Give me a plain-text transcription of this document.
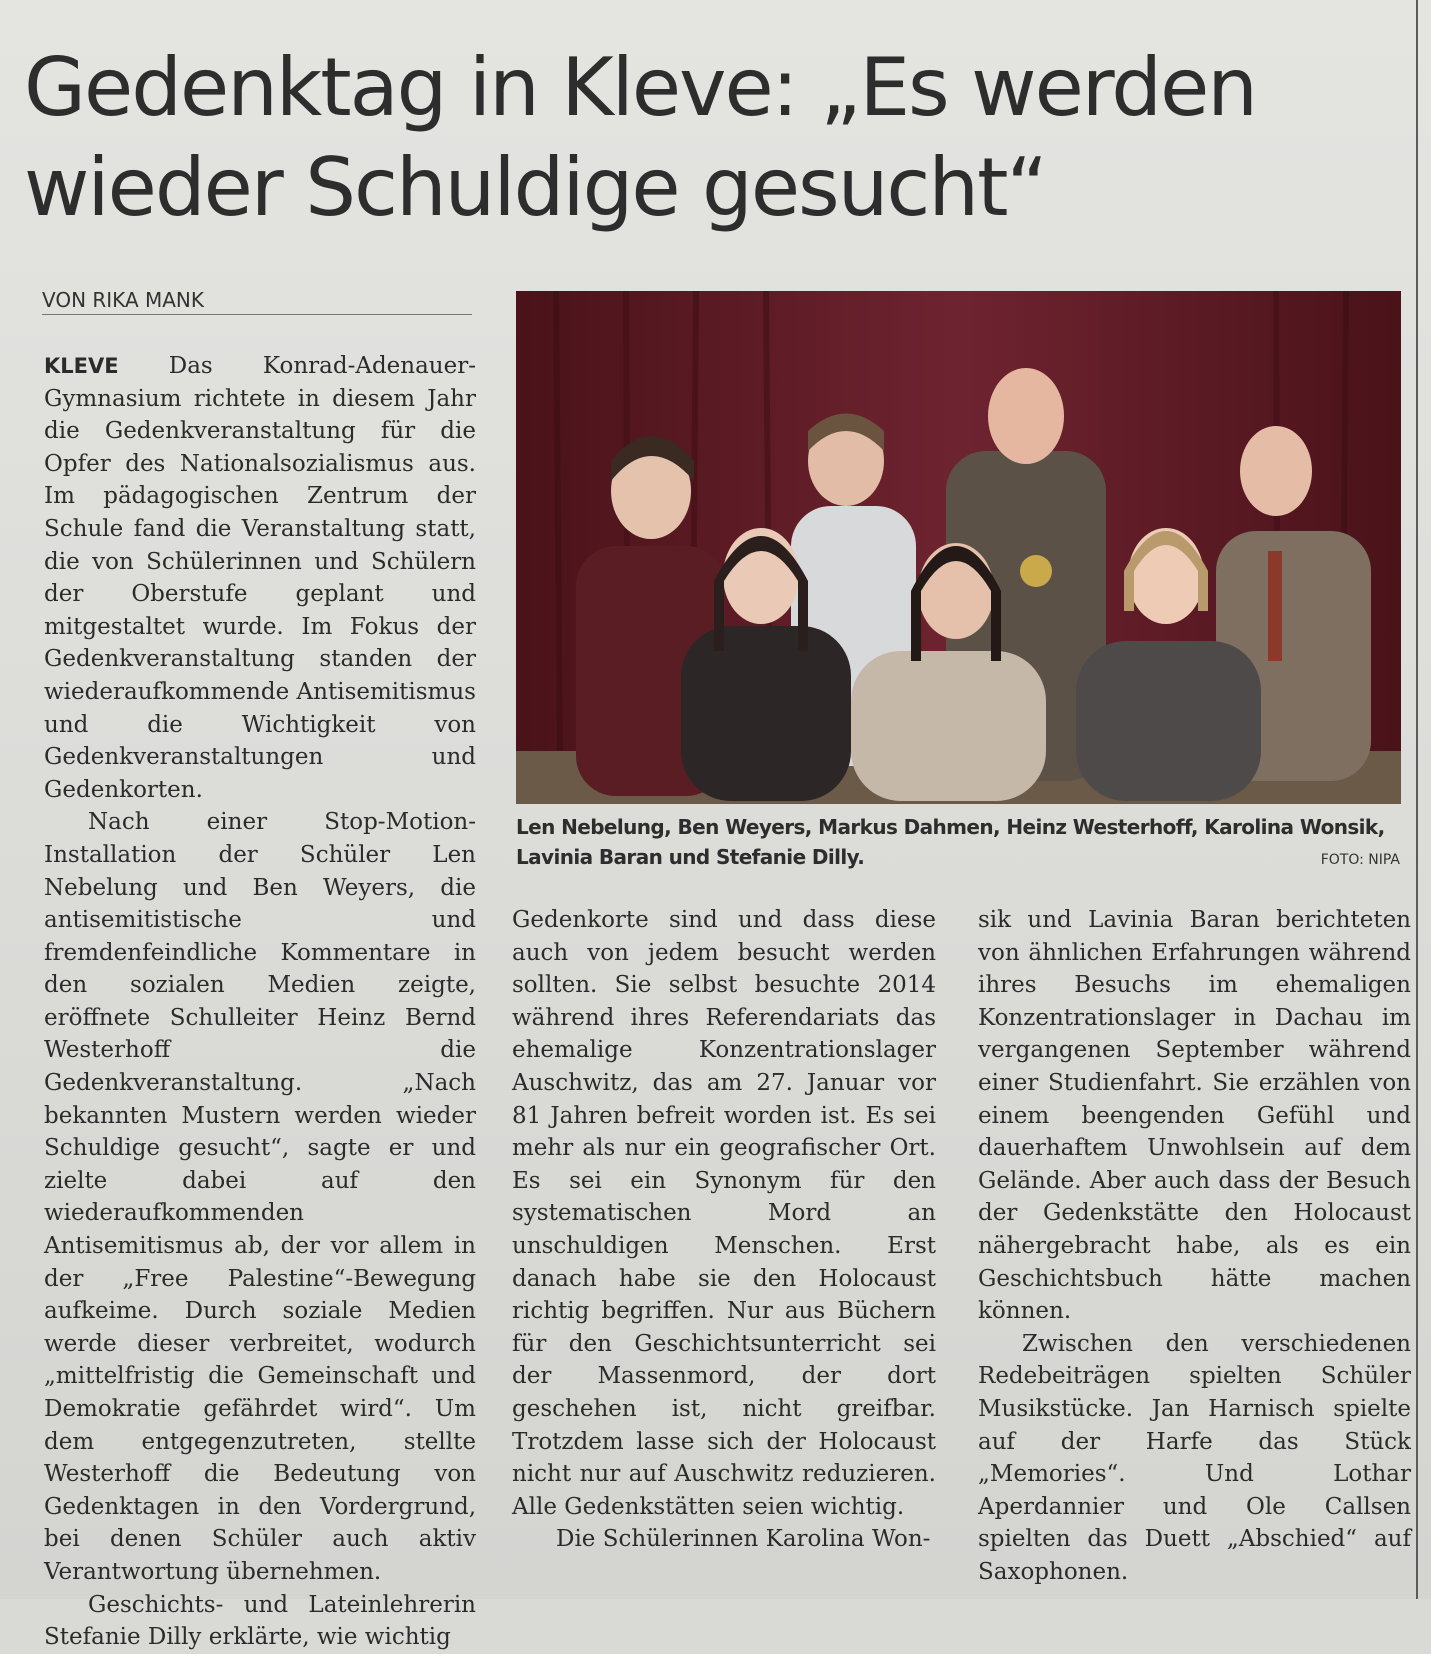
Gedenktag in Kleve: „Es werden
wieder Schuldige gesucht“
VON RIKA MANK

KLEVE Das Konrad-Adenauer-Gymnasium richtete in diesem Jahr die Gedenkveranstaltung für die Opfer des Nationalsozialismus aus. Im pädagogischen Zentrum der Schule fand die Veranstaltung statt, die von Schülerinnen und Schülern der Oberstufe geplant und mitgestaltet wurde. Im Fokus der Gedenkveranstaltung standen der wiederaufkommende Antisemitismus und die Wichtigkeit von Gedenkveranstaltungen und Gedenkorten.

Nach einer Stop-Motion-Installation der Schüler Len Nebelung und Ben Weyers, die antisemitistische und fremdenfeindliche Kommentare in den sozialen Medien zeigte, eröffnete Schulleiter Heinz Bernd Westerhoff die Gedenkveranstaltung. „Nach bekannten Mustern werden wieder Schuldige gesucht“, sagte er und zielte dabei auf den wiederaufkommenden Antisemitismus ab, der vor allem in der „Free Palestine“-Bewegung aufkeime. Durch soziale Medien werde dieser verbreitet, wodurch „mittelfristig die Gemeinschaft und Demokratie gefährdet wird“. Um dem entgegenzutreten, stellte Westerhoff die Bedeutung von Gedenktagen in den Vordergrund, bei denen Schüler auch aktiv Verantwortung übernehmen.

Geschichts- und Lateinlehrerin Stefanie Dilly erklärte, wie wichtig

Len Nebelung, Ben Weyers, Markus Dahmen, Heinz Westerhoff, Karolina Wonsik, Lavinia Baran und Stefanie Dilly.	FOTO: NIPA

Gedenkorte sind und dass diese auch von jedem besucht werden sollten. Sie selbst besuchte 2014 während ihres Referendariats das ehemalige Konzentrationslager Auschwitz, das am 27. Januar vor 81 Jahren befreit worden ist. Es sei mehr als nur ein geografischer Ort. Es sei ein Synonym für den systematischen Mord an unschuldigen Menschen. Erst danach habe sie den Holocaust richtig begriffen. Nur aus Büchern für den Geschichtsunterricht sei der Massenmord, der dort geschehen ist, nicht greifbar. Trotzdem lasse sich der Holocaust nicht nur auf Auschwitz reduzieren. Alle Gedenkstätten seien wichtig.

Die Schülerinnen Karolina Won-

sik und Lavinia Baran berichteten von ähnlichen Erfahrungen während ihres Besuchs im ehemaligen Konzentrationslager in Dachau im vergangenen September während einer Studienfahrt. Sie erzählen von einem beengenden Gefühl und dauerhaftem Unwohlsein auf dem Gelände. Aber auch dass der Besuch der Gedenkstätte den Holocaust nähergebracht habe, als es ein Geschichtsbuch hätte machen können.

Zwischen den verschiedenen Redebeiträgen spielten Schüler Musikstücke. Jan Harnisch spielte auf der Harfe das Stück „Memories“. Und Lothar Aperdannier und Ole Callsen spielten das Duett „Abschied“ auf Saxophonen.
